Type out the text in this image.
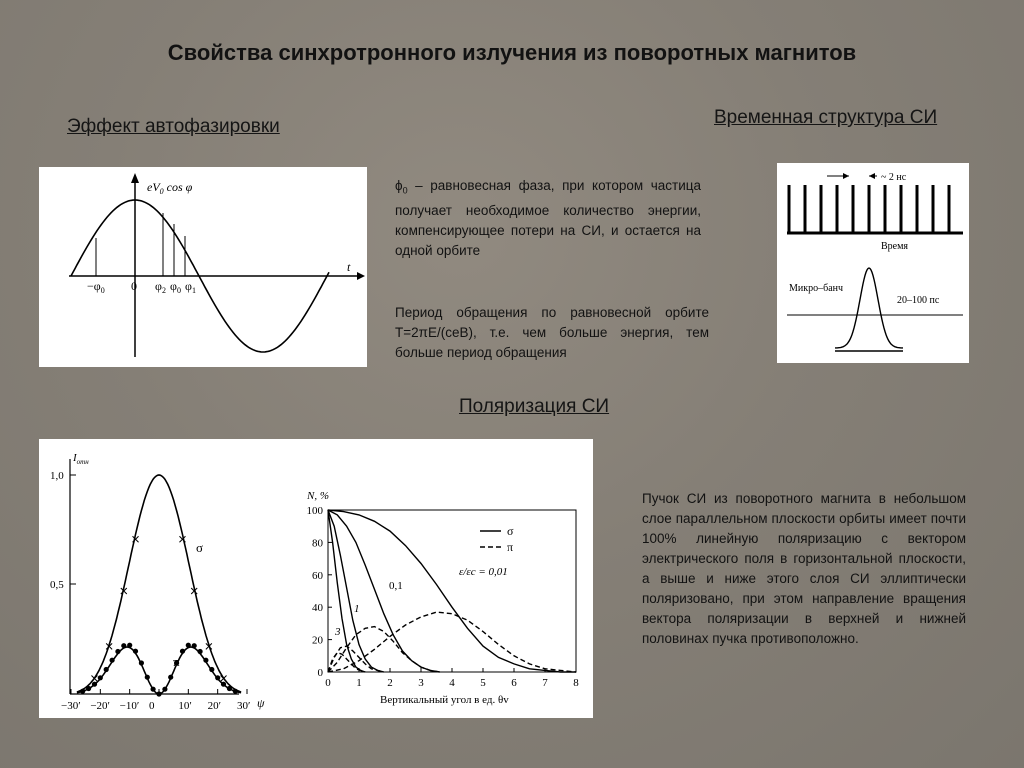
Свойства синхротронного излучения из поворотных магнитов
Эффект автофазировки	Временная структура СИ
Поляризация СИ
$eV_0$ cos φ
t
$-\varphi_0$ 0 $\varphi_2$ $\varphi_0$ $\varphi_1$
$\phi_0$ – равновесная фаза, при котором частица получает необходимое количество энергии, компенсирующее потери на СИ, и остается на одной орбите
Период обращения по равновесной орбите T=2πE/(ceB), т.е. чем больше энергия, тем больше период обращения
~ 2 нс
Время
Микро–банч
20–100 пс
$I_{отн}$
1,0
0,5
−30′ −20′ −10′ 0 10′ 20′ 30′ ψ
σ
π
100
80
60
40
20
0
0 1 2 3 4 5 6 7 8
N, %
Вертикальный угол в ед. θv
σ
π
ε/εc = 0,01
0,1
1
3
Пучок СИ из поворотного магнита в небольшом слое параллельном плоскости орбиты имеет почти 100% линейную поляризацию с вектором электрического поля в горизонтальной плоскости, а выше и ниже этого слоя СИ эллиптически поляризовано, при этом направление вращения вектора поляризации в верхней и нижней половинах пучка противоположно.
